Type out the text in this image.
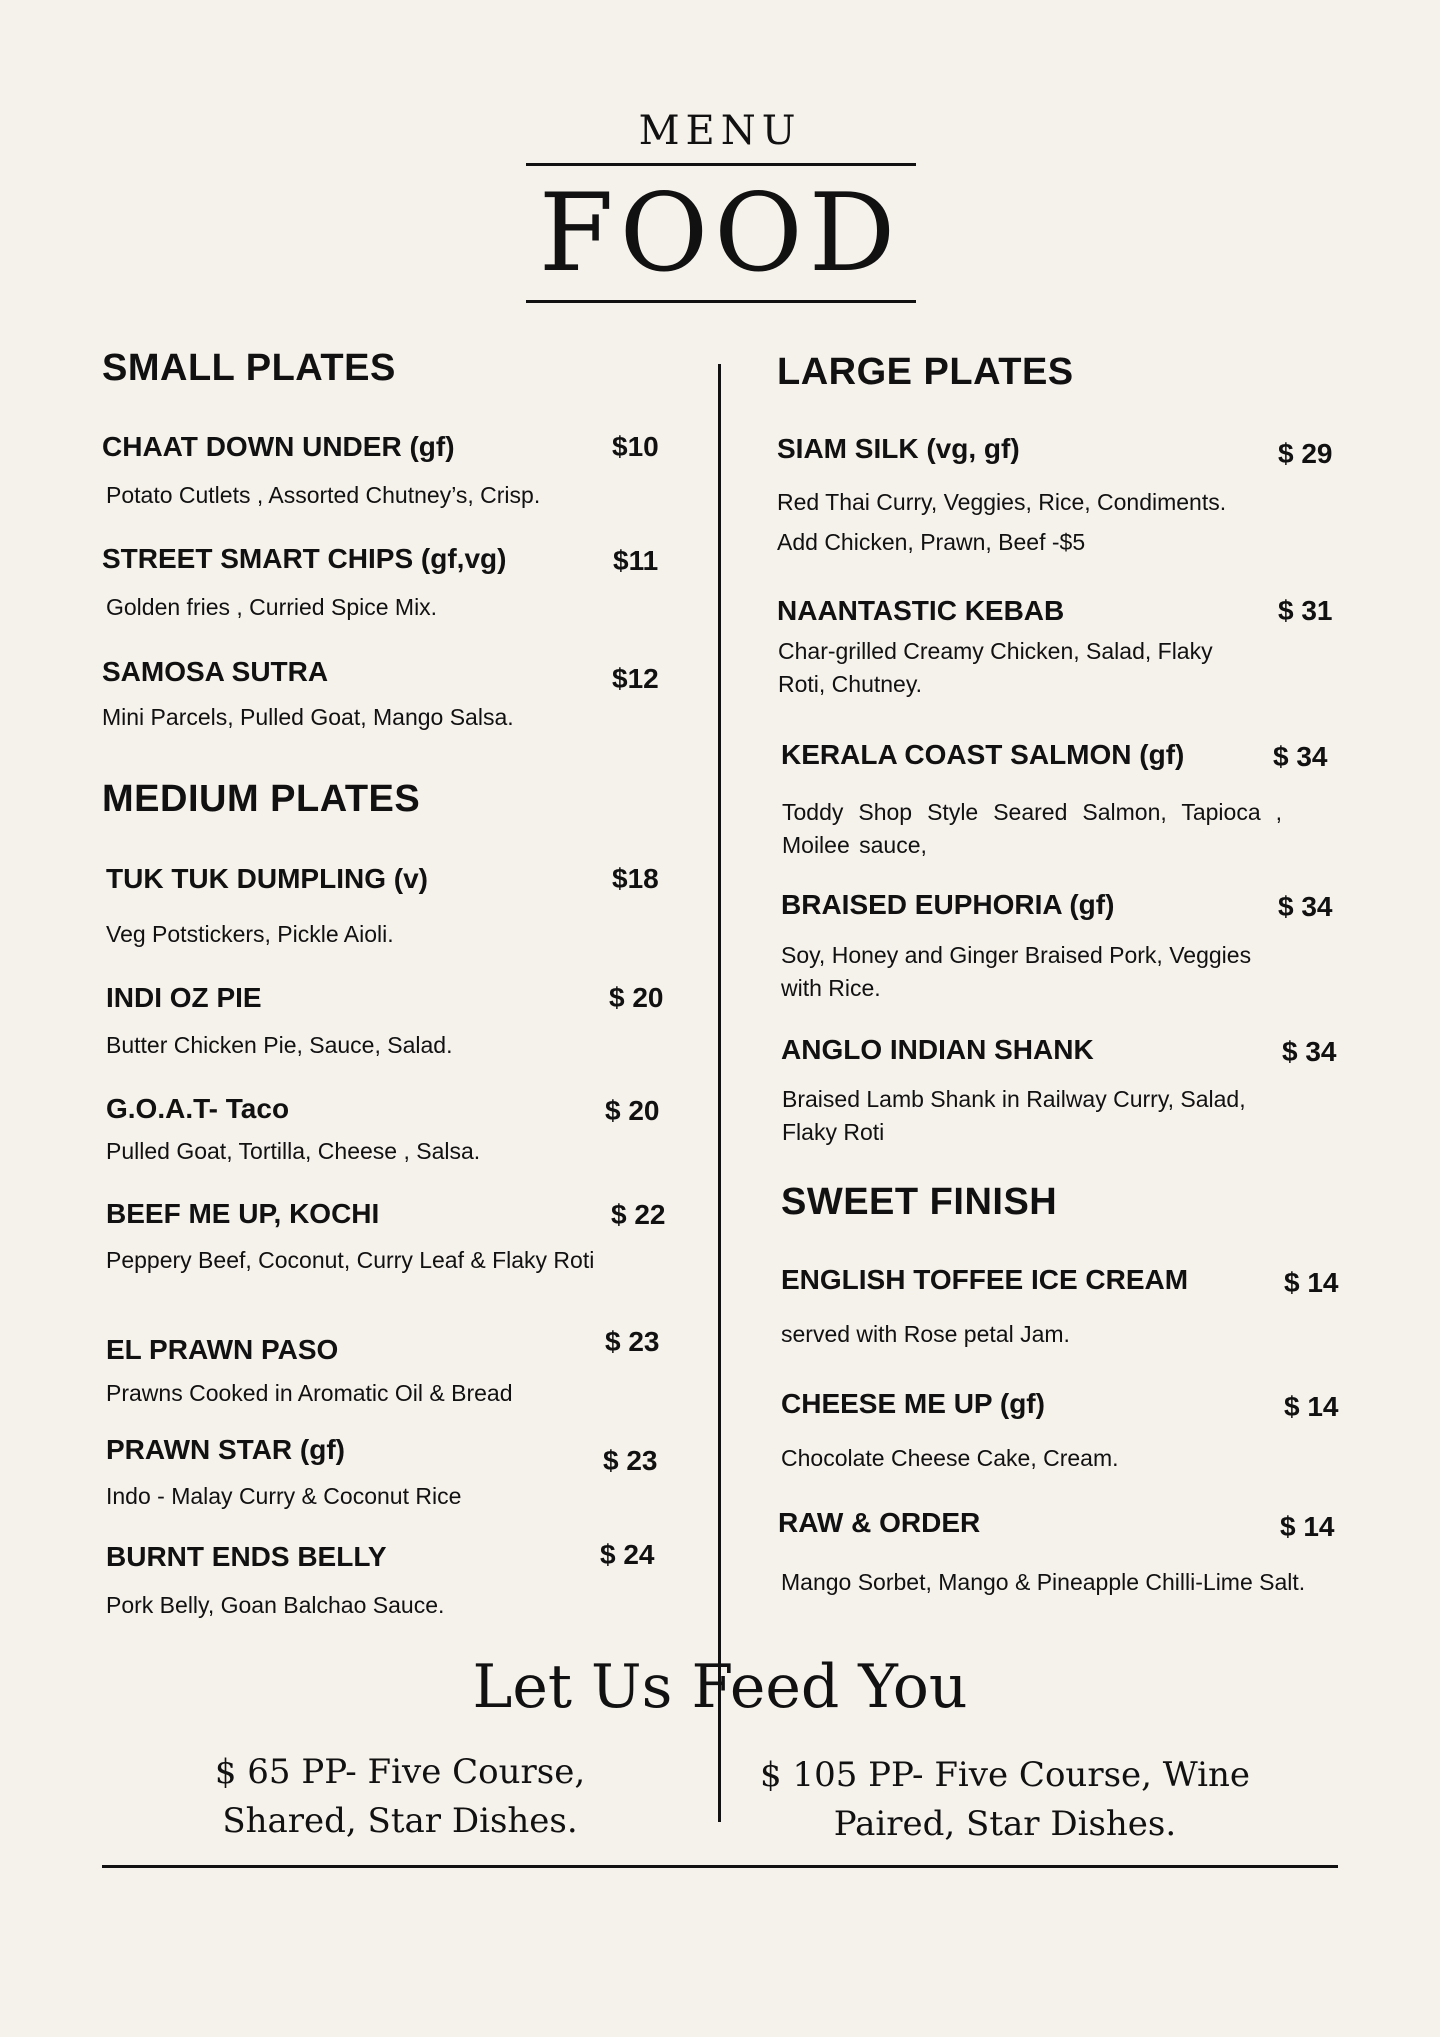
MENU
FOOD
SMALL PLATES
CHAAT DOWN UNDER (gf)	$10
Potato Cutlets , Assorted Chutney’s, Crisp.
STREET SMART CHIPS (gf,vg)	$11
Golden fries , Curried Spice Mix.
SAMOSA SUTRA	$12
Mini Parcels, Pulled Goat, Mango Salsa.
MEDIUM PLATES
TUK TUK DUMPLING (v)	$18
Veg Potstickers, Pickle Aioli.
INDI OZ PIE	$ 20
Butter Chicken Pie, Sauce, Salad.
G.O.A.T- Taco	$ 20
Pulled Goat, Tortilla, Cheese , Salsa.
BEEF ME UP, KOCHI	$ 22
Peppery Beef, Coconut, Curry Leaf & Flaky Roti
EL PRAWN PASO	$ 23
Prawns Cooked in Aromatic Oil & Bread
PRAWN STAR (gf)	$ 23
Indo - Malay Curry & Coconut Rice
BURNT ENDS BELLY	$ 24
Pork Belly, Goan Balchao Sauce.
LARGE PLATES
SIAM SILK (vg, gf)	$ 29
Red Thai Curry, Veggies, Rice, Condiments.
Add Chicken, Prawn, Beef -$5
NAANTASTIC KEBAB	$ 31
Char-grilled Creamy Chicken, Salad, Flaky Roti, Chutney.
KERALA COAST SALMON (gf)	$ 34
Toddy Shop Style Seared Salmon, Tapioca , Moilee sauce,
BRAISED EUPHORIA (gf)	$ 34
Soy, Honey and Ginger Braised Pork, Veggies with Rice.
ANGLO INDIAN SHANK	$ 34
Braised Lamb Shank in Railway Curry, Salad, Flaky Roti
SWEET FINISH
ENGLISH TOFFEE ICE CREAM	$ 14
served with Rose petal Jam.
CHEESE ME UP (gf)	$ 14
Chocolate Cheese Cake, Cream.
RAW & ORDER	$ 14
Mango Sorbet, Mango & Pineapple Chilli-Lime Salt.
Let Us Feed You
$ 65 PP- Five Course, Shared, Star Dishes.
$ 105 PP- Five Course, Wine Paired, Star Dishes.
